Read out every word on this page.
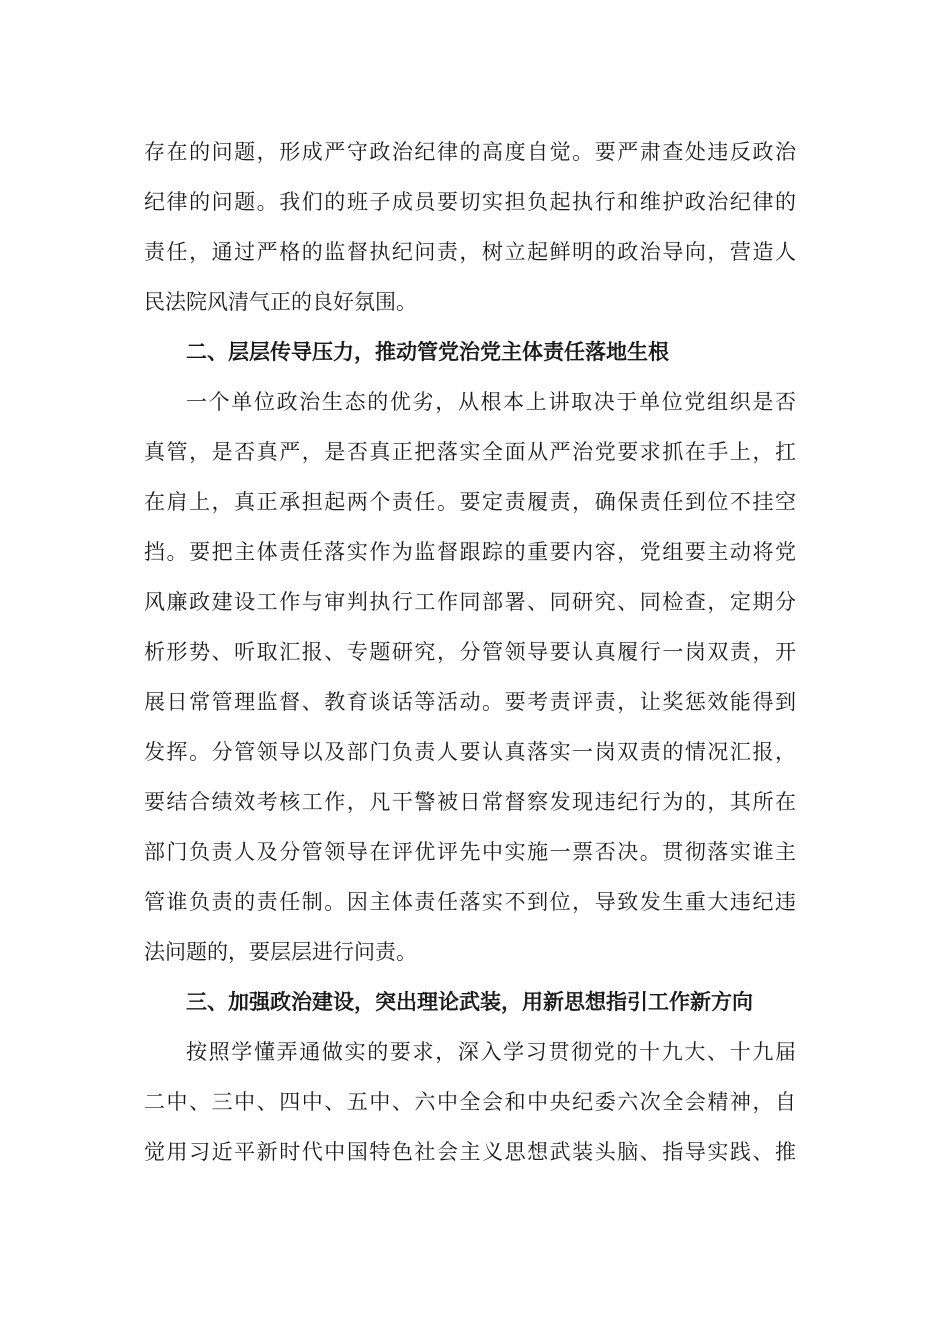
存在的问题，形成严守政治纪律的高度自觉。要严肃查处违反政治
纪律的问题。我们的班子成员要切实担负起执行和维护政治纪律的
责任，通过严格的监督执纪问责，树立起鲜明的政治导向，营造人
民法院风清气正的良好氛围。
二、层层传导压力，推动管党治党主体责任落地生根
一个单位政治生态的优劣，从根本上讲取决于单位党组织是否
真管，是否真严，是否真正把落实全面从严治党要求抓在手上，扛
在肩上，真正承担起两个责任。要定责履责，确保责任到位不挂空
挡。要把主体责任落实作为监督跟踪的重要内容，党组要主动将党
风廉政建设工作与审判执行工作同部署、同研究、同检查，定期分
析形势、听取汇报、专题研究，分管领导要认真履行一岗双责，开
展日常管理监督、教育谈话等活动。要考责评责，让奖惩效能得到
发挥。分管领导以及部门负责人要认真落实一岗双责的情况汇报，
要结合绩效考核工作，凡干警被日常督察发现违纪行为的，其所在
部门负责人及分管领导在评优评先中实施一票否决。贯彻落实谁主
管谁负责的责任制。因主体责任落实不到位，导致发生重大违纪违
法问题的，要层层进行问责。
三、加强政治建设，突出理论武装，用新思想指引工作新方向
按照学懂弄通做实的要求，深入学习贯彻党的十九大、十九届
二中、三中、四中、五中、六中全会和中央纪委六次全会精神，自
觉用习近平新时代中国特色社会主义思想武装头脑、指导实践、推
